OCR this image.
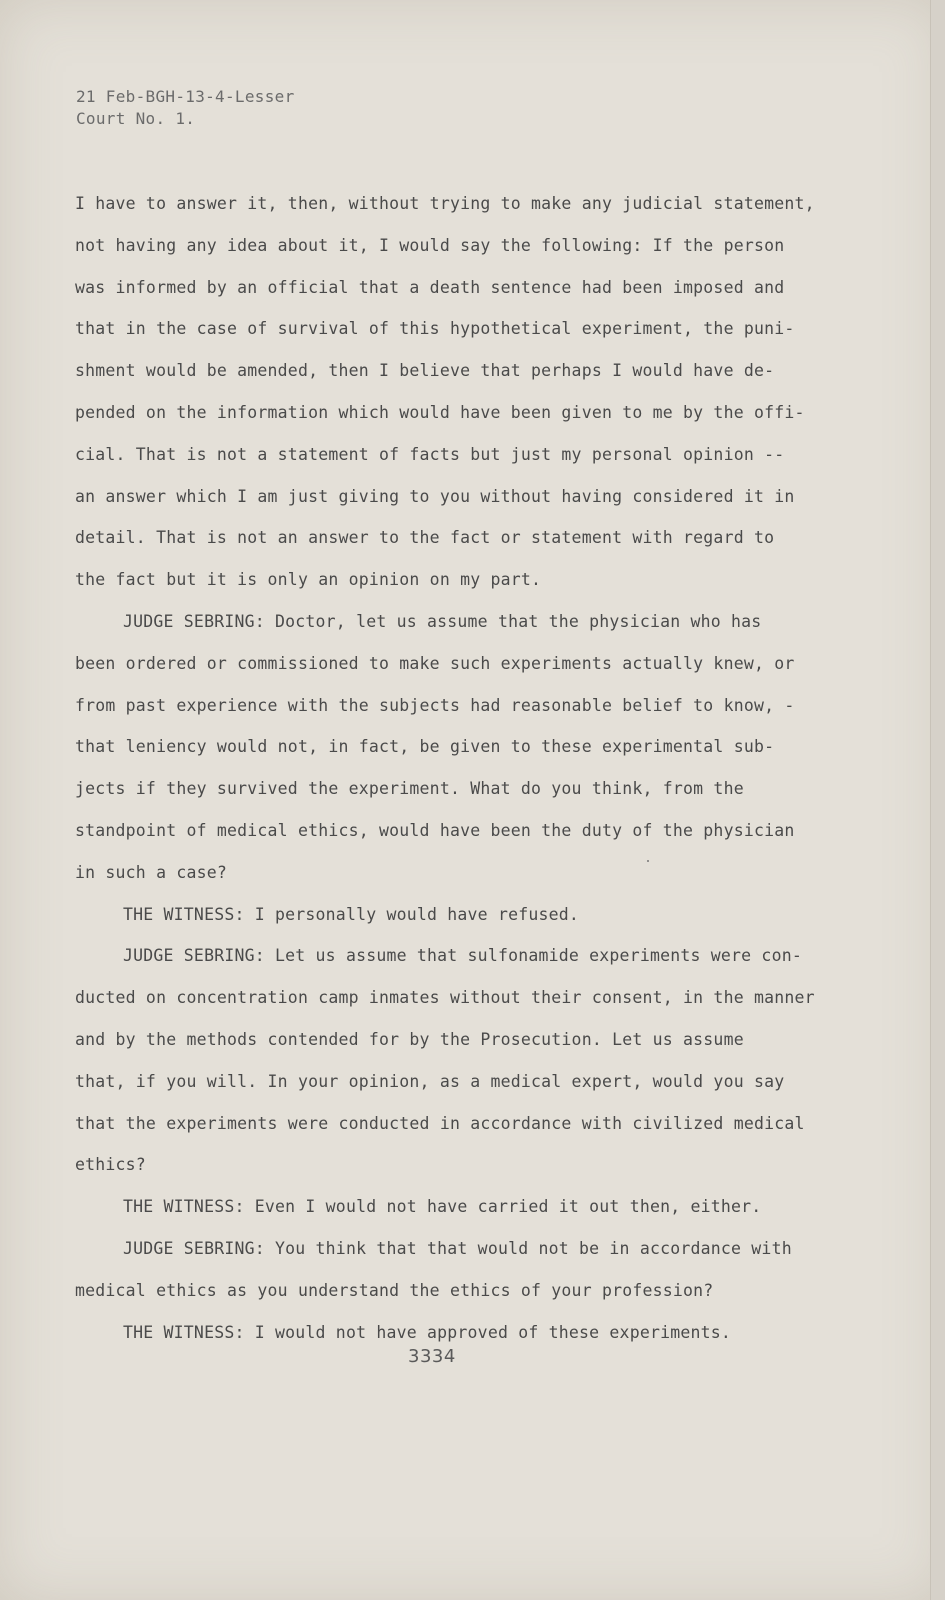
21 Feb-BGH-13-4-Lesser
Court No. 1.
I have to answer it, then, without trying to make any judicial statement,
not having any idea about it, I would say the following: If the person
was informed by an official that a death sentence had been imposed and
that in the case of survival of this hypothetical experiment, the puni-
shment would be amended, then I believe that perhaps I would have de-
pended on the information which would have been given to me by the offi-
cial. That is not a statement of facts but just my personal opinion --
an answer which I am just giving to you without having considered it in
detail. That is not an answer to the fact or statement with regard to
the fact but it is only an opinion on my part.
JUDGE SEBRING: Doctor, let us assume that the physician who has
been ordered or commissioned to make such experiments actually knew, or
from past experience with the subjects had reasonable belief to know, -
that leniency would not, in fact, be given to these experimental sub-
jects if they survived the experiment. What do you think, from the
standpoint of medical ethics, would have been the duty of the physician
in such a case?
THE WITNESS: I personally would have refused.
JUDGE SEBRING: Let us assume that sulfonamide experiments were con-
ducted on concentration camp inmates without their consent, in the manner
and by the methods contended for by the Prosecution. Let us assume
that, if you will. In your opinion, as a medical expert, would you say
that the experiments were conducted in accordance with civilized medical
ethics?
THE WITNESS: Even I would not have carried it out then, either.
JUDGE SEBRING: You think that that would not be in accordance with
medical ethics as you understand the ethics of your profession?
THE WITNESS: I would not have approved of these experiments.
3334
